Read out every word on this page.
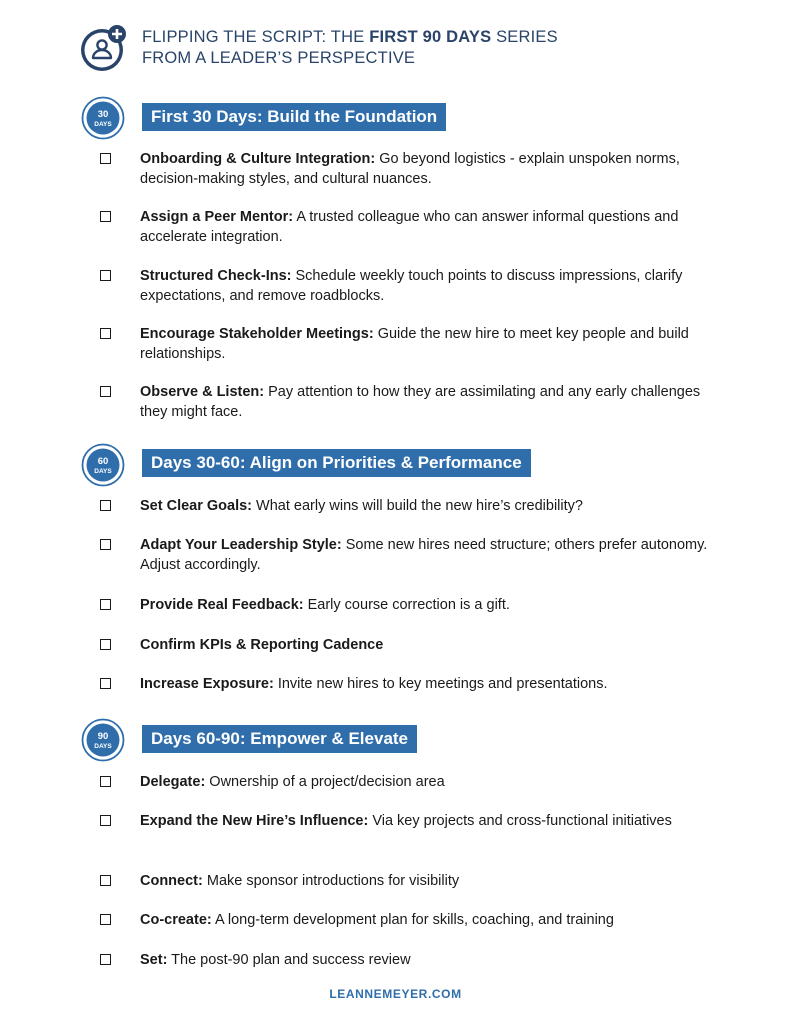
FLIPPING THE SCRIPT: THE FIRST 90 DAYS SERIES
FROM A LEADER’S PERSPECTIVE
30
DAYS	First 30 Days: Build the Foundation
Onboarding & Culture Integration: Go beyond logistics - explain unspoken norms, decision-making styles, and cultural nuances.
Assign a Peer Mentor: A trusted colleague who can answer informal questions and accelerate integration.
Structured Check-Ins: Schedule weekly touch points to discuss impressions, clarify expectations, and remove roadblocks.
Encourage Stakeholder Meetings: Guide the new hire to meet key people and build relationships.
Observe & Listen: Pay attention to how they are assimilating and any early challenges they might face.
60
DAYS	Days 30-60: Align on Priorities & Performance
Set Clear Goals: What early wins will build the new hire’s credibility?
Adapt Your Leadership Style: Some new hires need structure; others prefer autonomy. Adjust accordingly.
Provide Real Feedback: Early course correction is a gift.
Confirm KPIs & Reporting Cadence
Increase Exposure: Invite new hires to key meetings and presentations.
90
DAYS	Days 60-90: Empower & Elevate
Delegate: Ownership of a project/decision area
Expand the New Hire’s Influence: Via key projects and cross-functional initiatives
Connect: Make sponsor introductions for visibility
Co-create: A long-term development plan for skills, coaching, and training
Set: The post-90 plan and success review
LEANNEMEYER.COM
